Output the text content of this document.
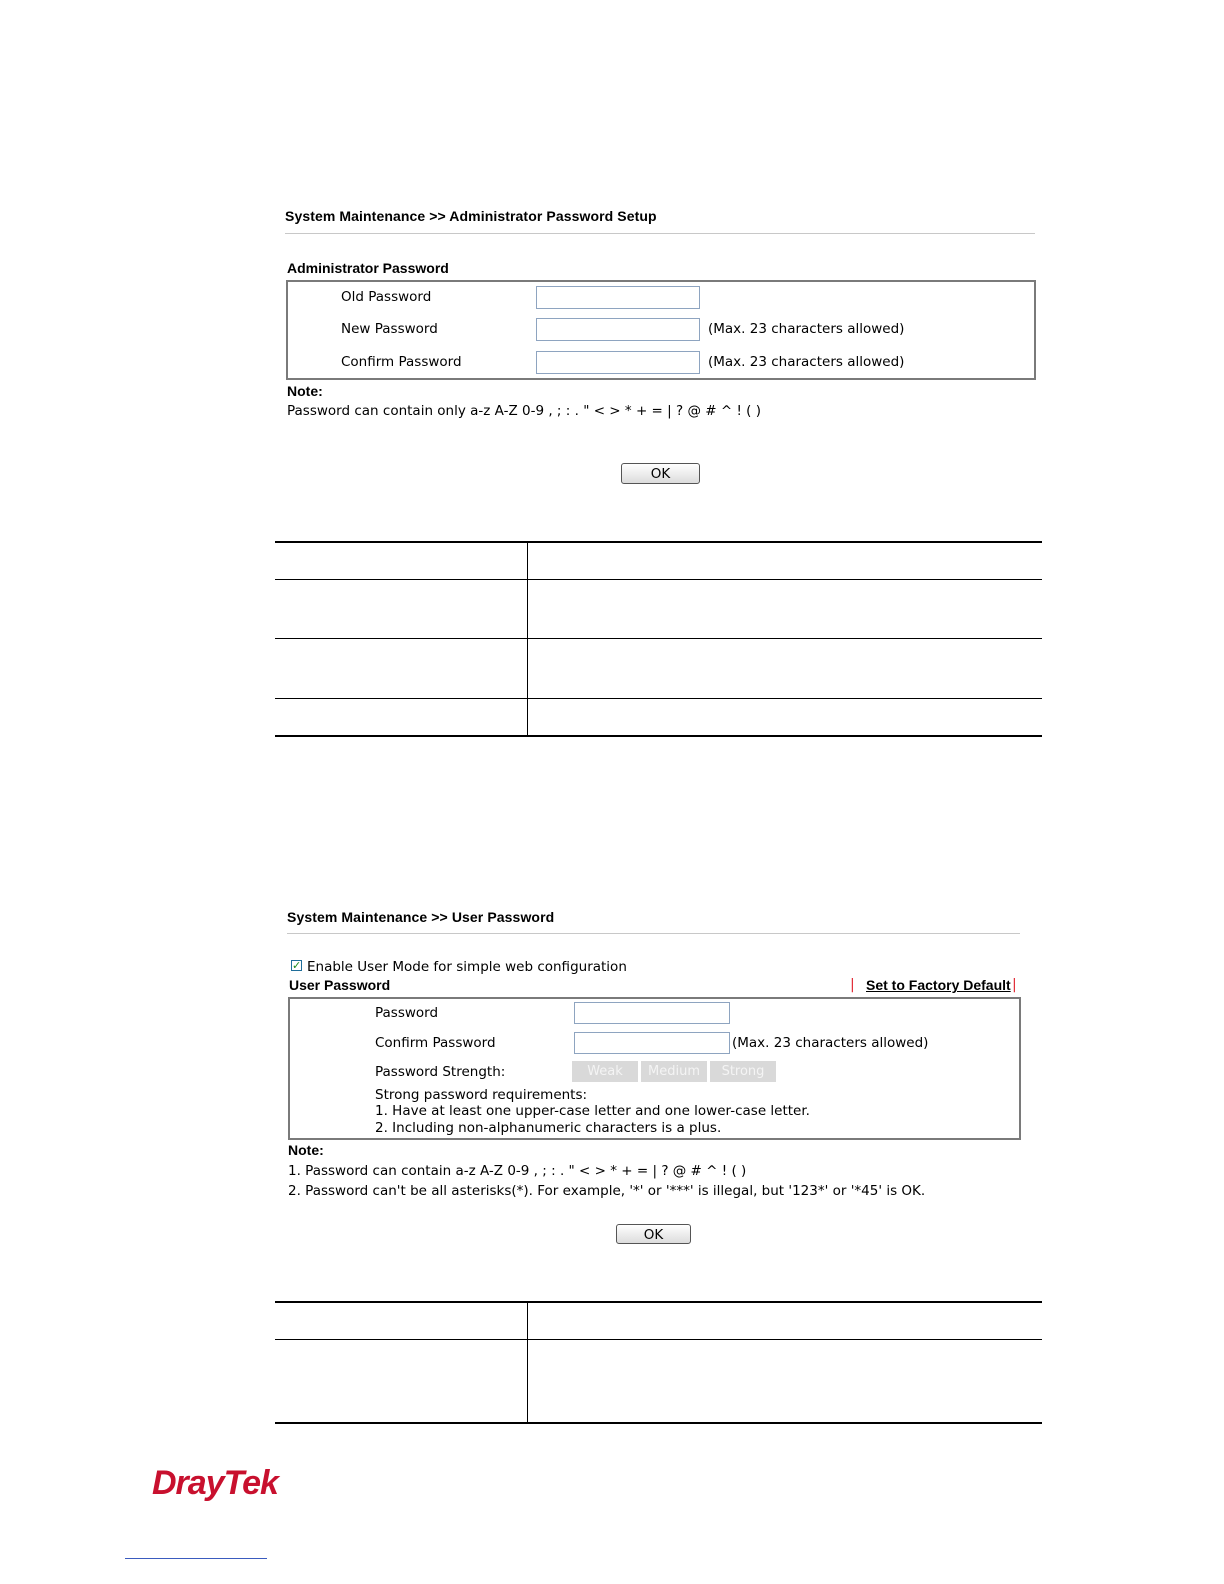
System Maintenance >> Administrator Password Setup
Administrator Password
Old Password
New Password	(Max. 23 characters allowed)
Confirm Password	(Max. 23 characters allowed)
Note:
Password can contain only a-z A-Z 0-9 , ; : . " < > * + = | ? @ # ^ ! ( )
OK
System Maintenance >> User Password
✓ Enable User Mode for simple web configuration
User Password	| Set to Factory Default |
Password
Confirm Password	(Max. 23 characters allowed)
Password Strength:	Weak	Medium	Strong
Strong password requirements:
1. Have at least one upper-case letter and one lower-case letter.
2. Including non-alphanumeric characters is a plus.
Note:
1. Password can contain a-z A-Z 0-9 , ; : . " < > * + = | ? @ # ^ ! ( )
2. Password can't be all asterisks(*). For example, '*' or '***' is illegal, but '123*' or '*45' is OK.
OK
DrayTek
